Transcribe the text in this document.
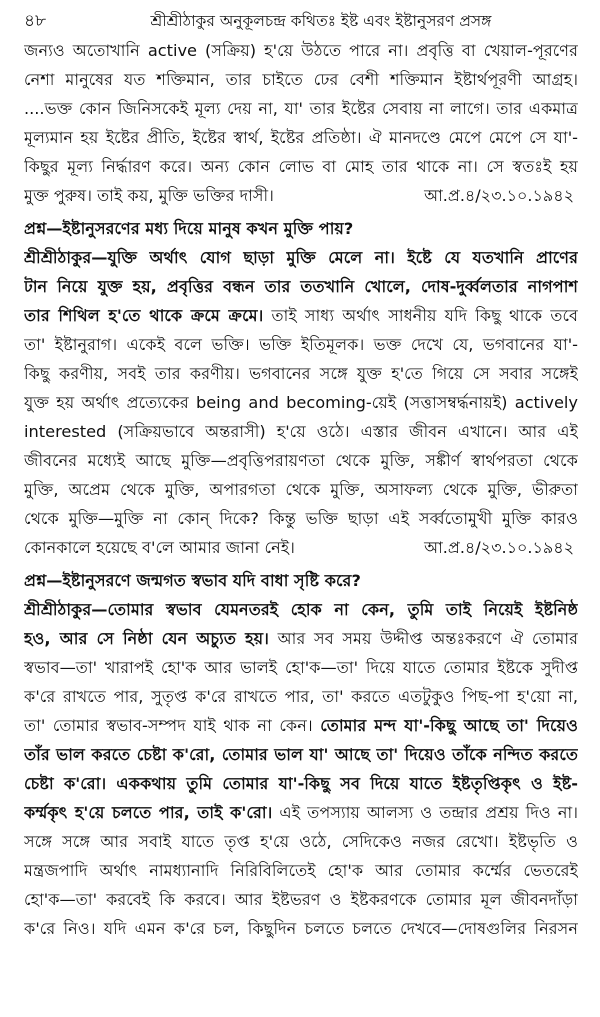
৪৮	শ্রীশ্রীঠাকুর অনুকূলচন্দ্র কথিতঃ ইষ্ট এবং ইষ্টানুসরণ প্রসঙ্গ
জন্যও অতোখানি active (সক্রিয়) হ'য়ে উঠতে পারে না। প্রবৃত্তি বা খেয়াল-পূরণের
নেশা মানুষের যত শক্তিমান, তার চাইতে ঢের বেশী শক্তিমান ইষ্টার্থপূরণী আগ্রহ।
....ভক্ত কোন জিনিসকেই মূল্য দেয় না, যা' তার ইষ্টের সেবায় না লাগে। তার একমাত্র
মূল্যমান হয় ইষ্টের প্রীতি, ইষ্টের স্বার্থ, ইষ্টের প্রতিষ্ঠা। ঐ মানদণ্ডে মেপে মেপে সে যা'-
কিছুর মূল্য নির্দ্ধারণ করে। অন্য কোন লোভ বা মোহ তার থাকে না। সে স্বতঃই হয়
মুক্ত পুরুষ। তাই কয়, মুক্তি ভক্তির দাসী।	আ.প্র.৪/২৩.১০.১৯৪২
প্রশ্ন—ইষ্টানুসরণের মধ্য দিয়ে মানুষ কখন মুক্তি পায়?
শ্রীশ্রীঠাকুর—যুক্তি অর্থাৎ যোগ ছাড়া মুক্তি মেলে না। ইষ্টে যে যতখানি প্রাণের
টান নিয়ে যুক্ত হয়, প্রবৃত্তির বন্ধন তার ততখানি খোলে, দোষ-দুর্ব্বলতার নাগপাশ
তার শিথিল হ'তে থাকে ক্রমে ক্রমে। তাই সাধ্য অর্থাৎ সাধনীয় যদি কিছু থাকে তবে
তা' ইষ্টানুরাগ। একেই বলে ভক্তি। ভক্তি ইতিমূলক। ভক্ত দেখে যে, ভগবানের যা'-
কিছু করণীয়, সবই তার করণীয়। ভগবানের সঙ্গে যুক্ত হ'তে গিয়ে সে সবার সঙ্গেই
যুক্ত হয় অর্থাৎ প্রত্যেকের being and becoming-য়েই (সত্তাসম্বর্দ্ধনায়ই) actively
interested (সক্রিয়ভাবে অন্তরাসী) হ'য়ে ওঠে। এস্তার জীবন এখানে। আর এই
জীবনের মধ্যেই আছে মুক্তি—প্রবৃত্তিপরায়ণতা থেকে মুক্তি, সঙ্কীর্ণ স্বার্থপরতা থেকে
মুক্তি, অপ্রেম থেকে মুক্তি, অপারগতা থেকে মুক্তি, অসাফল্য থেকে মুক্তি, ভীরুতা
থেকে মুক্তি—মুক্তি না কোন্ দিকে? কিন্তু ভক্তি ছাড়া এই সর্ব্বতোমুখী মুক্তি কারও
কোনকালে হয়েছে ব'লে আমার জানা নেই।	আ.প্র.৪/২৩.১০.১৯৪২
প্রশ্ন—ইষ্টানুসরণে জন্মগত স্বভাব যদি বাধা সৃষ্টি করে?
শ্রীশ্রীঠাকুর—তোমার স্বভাব যেমনতরই হোক না কেন, তুমি তাই নিয়েই ইষ্টনিষ্ঠ
হও, আর সে নিষ্ঠা যেন অচ্যুত হয়। আর সব সময় উদ্দীপ্ত অন্তঃকরণে ঐ তোমার
স্বভাব—তা' খারাপই হো'ক আর ভালই হো'ক—তা' দিয়ে যাতে তোমার ইষ্টকে সুদীপ্ত
ক'রে রাখতে পার, সুতৃপ্ত ক'রে রাখতে পার, তা' করতে এতটুকুও পিছ-পা হ'য়ো না,
তা' তোমার স্বভাব-সম্পদ যাই থাক না কেন। তোমার মন্দ যা'-কিছু আছে তা' দিয়েও
তাঁর ভাল করতে চেষ্টা ক'রো, তোমার ভাল যা' আছে তা' দিয়েও তাঁকে নন্দিত করতে
চেষ্টা ক'রো। এককথায় তুমি তোমার যা'-কিছু সব দিয়ে যাতে ইষ্টতৃপ্তিকৃৎ ও ইষ্ট-
কর্ম্মকৃৎ হ'য়ে চলতে পার, তাই ক'রো। এই তপস্যায় আলস্য ও তন্দ্রার প্রশ্রয় দিও না।
সঙ্গে সঙ্গে আর সবাই যাতে তৃপ্ত হ'য়ে ওঠে, সেদিকেও নজর রেখো। ইষ্টভৃতি ও
মন্ত্রজপাদি অর্থাৎ নামধ্যানাদি নিরিবিলিতেই হো'ক আর তোমার কর্ম্মের ভেতরেই
হো'ক—তা' করবেই কি করবে। আর ইষ্টভরণ ও ইষ্টকরণকে তোমার মূল জীবনদাঁড়া
ক'রে নিও। যদি এমন ক'রে চল, কিছুদিন চলতে চলতে দেখবে—দোষগুলির নিরসন
